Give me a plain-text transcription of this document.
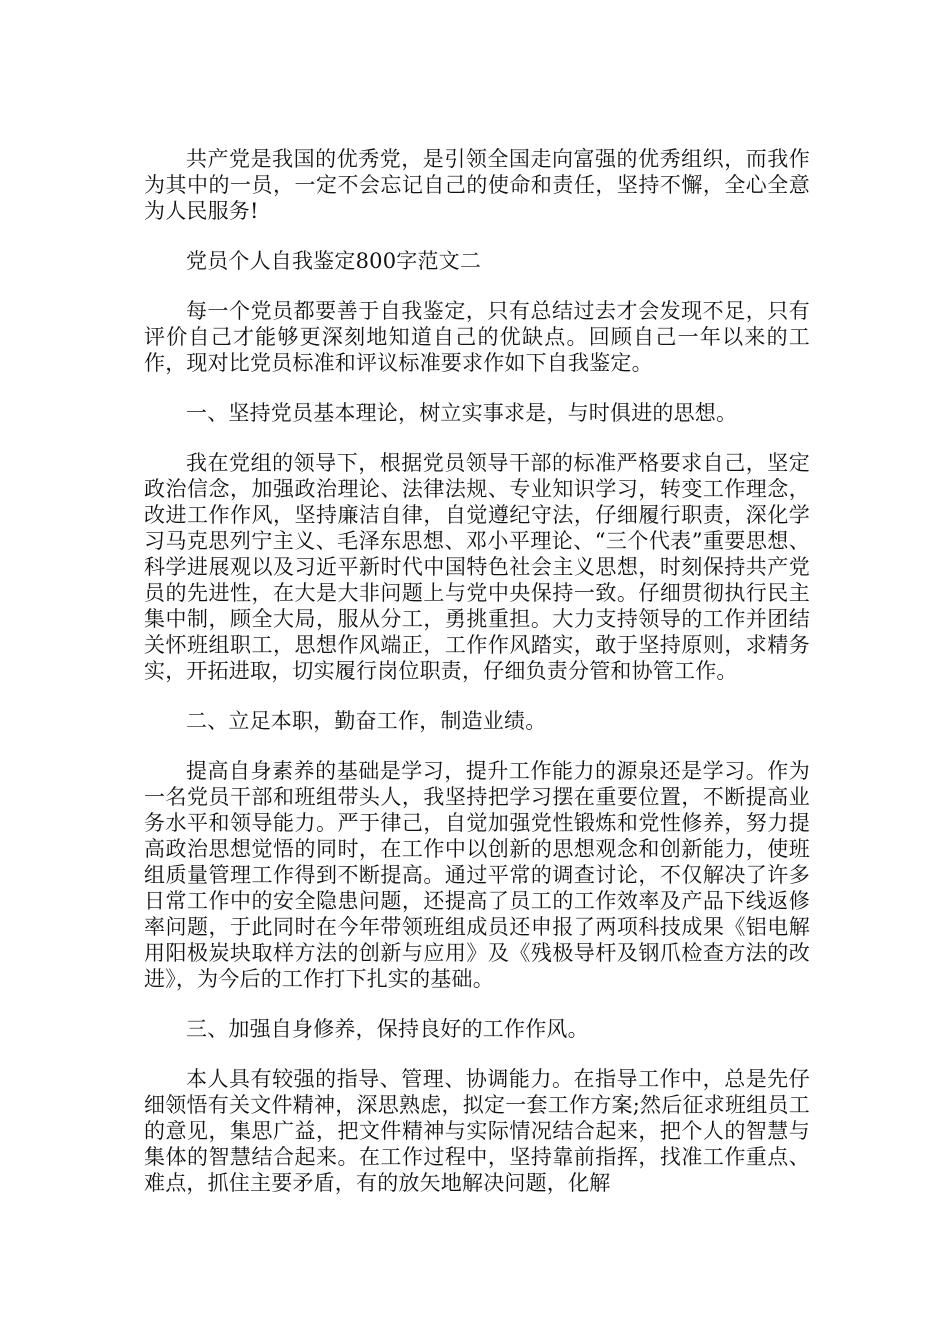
共产党是我国的优秀党，是引领全国走向富强的优秀组织，而我作为其中的一员，一定不会忘记自己的使命和责任，坚持不懈，全心全意为人民服务!

党员个人自我鉴定800字范文二

每一个党员都要善于自我鉴定，只有总结过去才会发现不足，只有评价自己才能够更深刻地知道自己的优缺点。回顾自己一年以来的工作，现对比党员标准和评议标准要求作如下自我鉴定。

一、坚持党员基本理论，树立实事求是，与时俱进的思想。

我在党组的领导下，根据党员领导干部的标准严格要求自己，坚定政治信念，加强政治理论、法律法规、专业知识学习，转变工作理念，改进工作作风，坚持廉洁自律，自觉遵纪守法，仔细履行职责，深化学习马克思列宁主义、毛泽东思想、邓小平理论、“三个代表”重要思想、科学进展观以及习近平新时代中国特色社会主义思想，时刻保持共产党员的先进性，在大是大非问题上与党中央保持一致。仔细贯彻执行民主集中制，顾全大局，服从分工，勇挑重担。大力支持领导的工作并团结关怀班组职工，思想作风端正，工作作风踏实，敢于坚持原则，求精务实，开拓进取，切实履行岗位职责，仔细负责分管和协管工作。

二、立足本职，勤奋工作，制造业绩。

提高自身素养的基础是学习，提升工作能力的源泉还是学习。作为一名党员干部和班组带头人，我坚持把学习摆在重要位置，不断提高业务水平和领导能力。严于律己，自觉加强党性锻炼和党性修养，努力提高政治思想觉悟的同时，在工作中以创新的思想观念和创新能力，使班组质量管理工作得到不断提高。通过平常的调查讨论，不仅解决了许多日常工作中的安全隐患问题，还提高了员工的工作效率及产品下线返修率问题，于此同时在今年带领班组成员还申报了两项科技成果《铝电解用阳极炭块取样方法的创新与应用》及《残极导杆及钢爪检查方法的改进》，为今后的工作打下扎实的基础。

三、加强自身修养，保持良好的工作作风。

本人具有较强的指导、管理、协调能力。在指导工作中，总是先仔细领悟有关文件精神，深思熟虑，拟定一套工作方案;然后征求班组员工的意见，集思广益，把文件精神与实际情况结合起来，把个人的智慧与集体的智慧结合起来。在工作过程中，坚持靠前指挥，找准工作重点、难点，抓住主要矛盾，有的放矢地解决问题，化解
